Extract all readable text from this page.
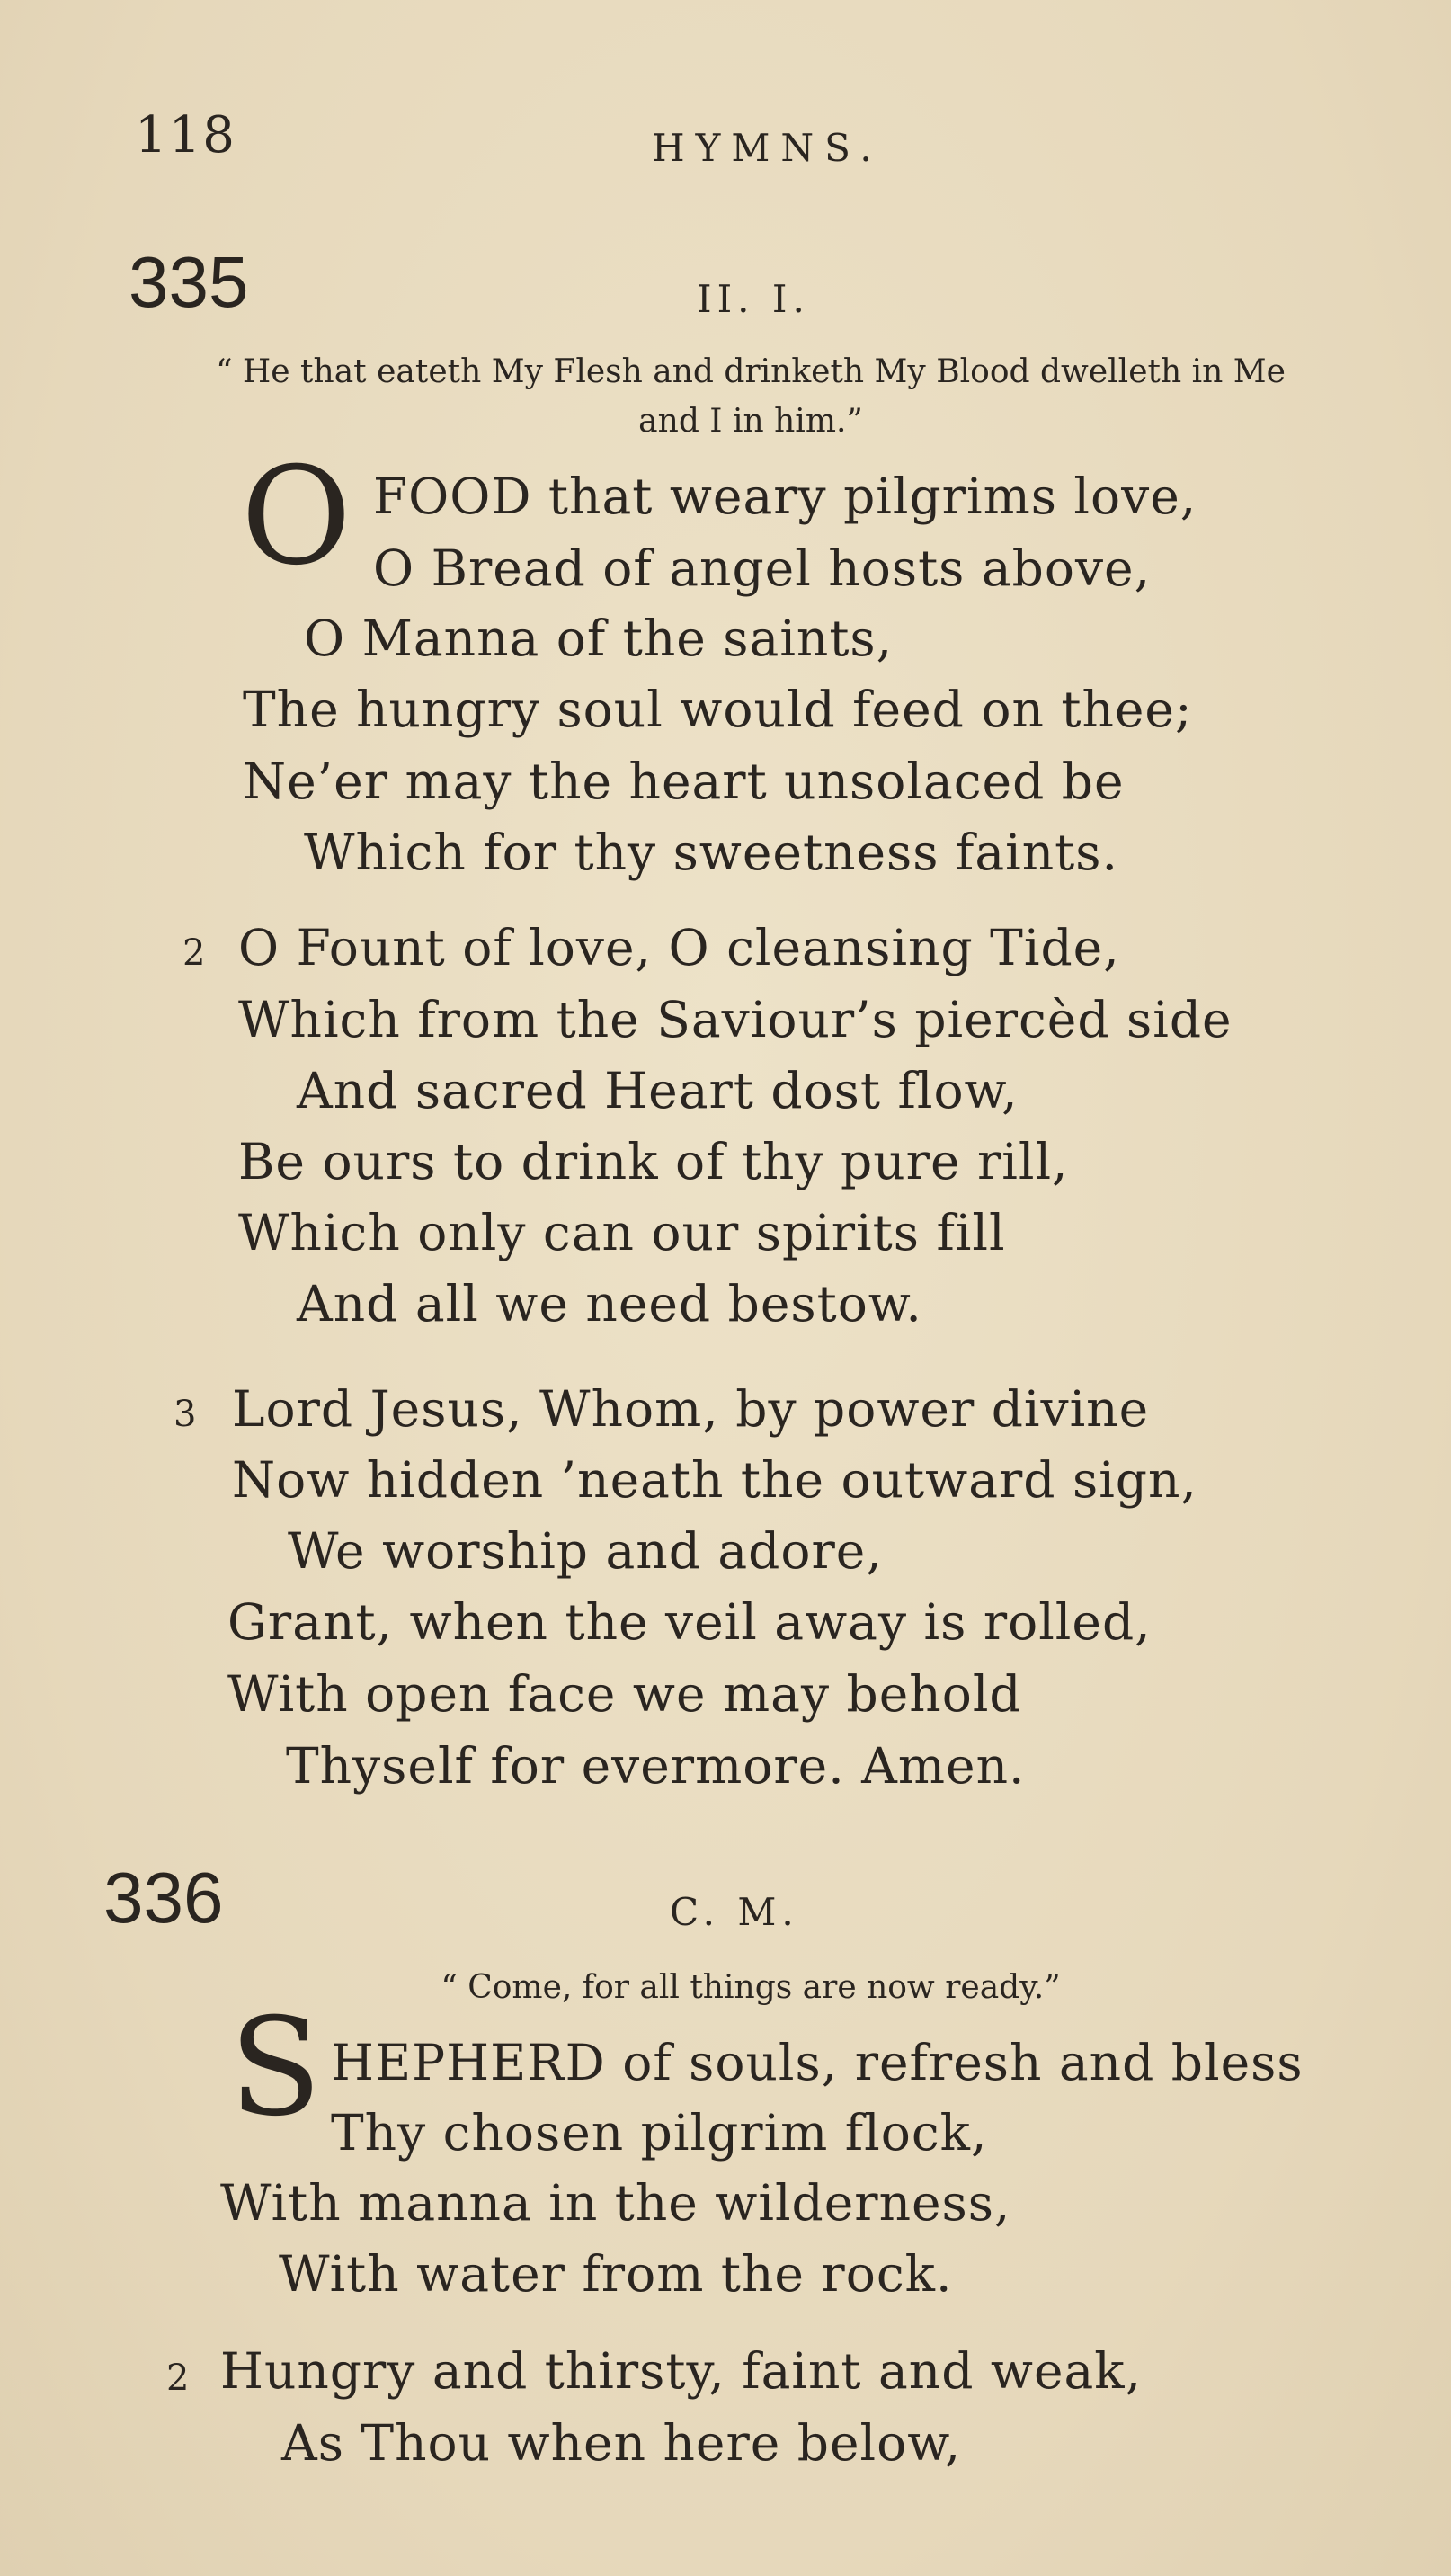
118	HYMNS.
335	II. I.
“ He that eateth My Flesh and drinketh My Blood dwelleth in Me
and I in him.”
O FOOD that weary pilgrims love,
O Bread of angel hosts above,
O Manna of the saints,
The hungry soul would feed on thee;
Ne’er may the heart unsolaced be
Which for thy sweetness faints.
2 O Fount of love, O cleansing Tide,
Which from the Saviour’s piercèd side
And sacred Heart dost flow,
Be ours to drink of thy pure rill,
Which only can our spirits fill
And all we need bestow.
3 Lord Jesus, Whom, by power divine
Now hidden ’neath the outward sign,
We worship and adore,
Grant, when the veil away is rolled,
With open face we may behold
Thyself for evermore. Amen.
336	C. M.
“ Come, for all things are now ready.”
S HEPHERD of souls, refresh and bless
Thy chosen pilgrim flock,
With manna in the wilderness,
With water from the rock.
2 Hungry and thirsty, faint and weak,
As Thou when here below,
